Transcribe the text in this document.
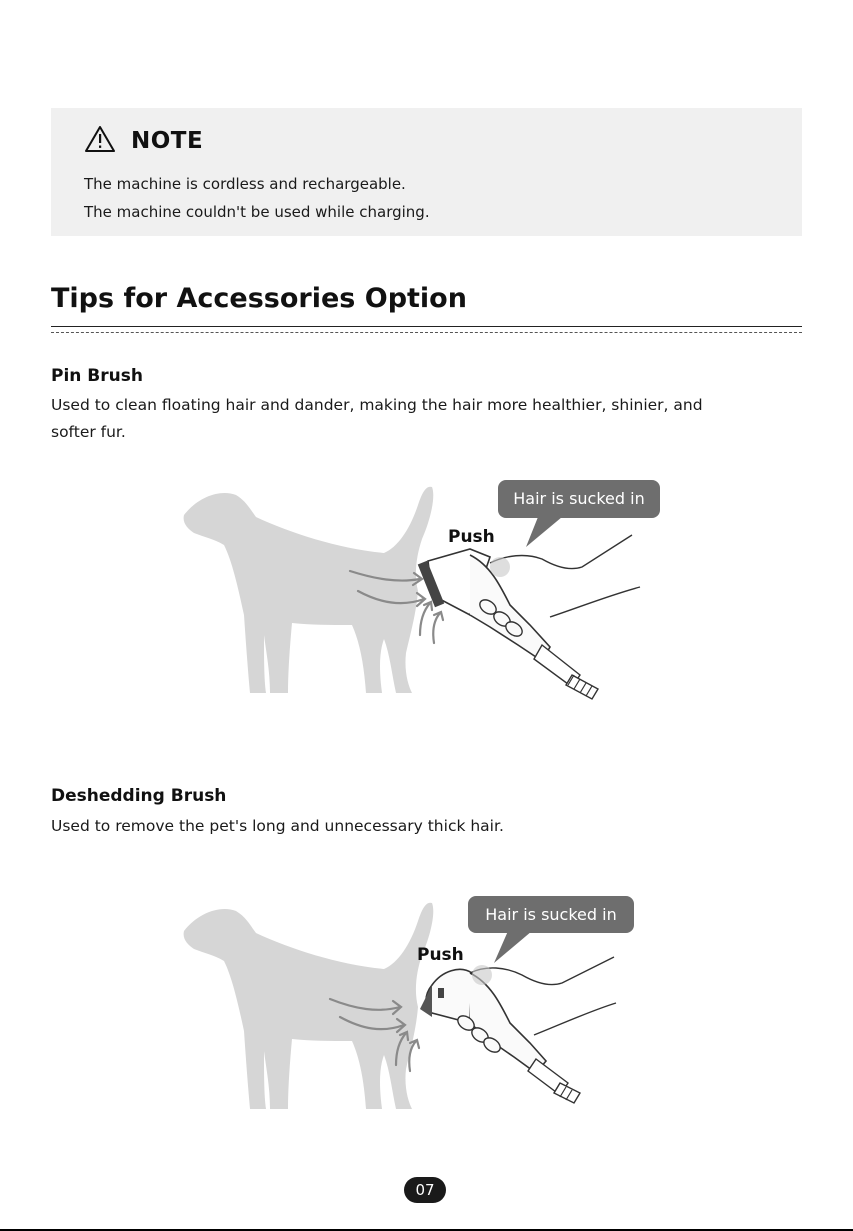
NOTE
The machine is cordless and rechargeable.
The machine couldn't be used while charging.
Tips for Accessories Option
Pin Brush
Used to clean floating hair and dander, making the hair more healthier, shinier, and
softer fur.
Hair is sucked in
Push
Deshedding Brush
Used to remove the pet's long and unnecessary thick hair.
Hair is sucked in
Push
07
